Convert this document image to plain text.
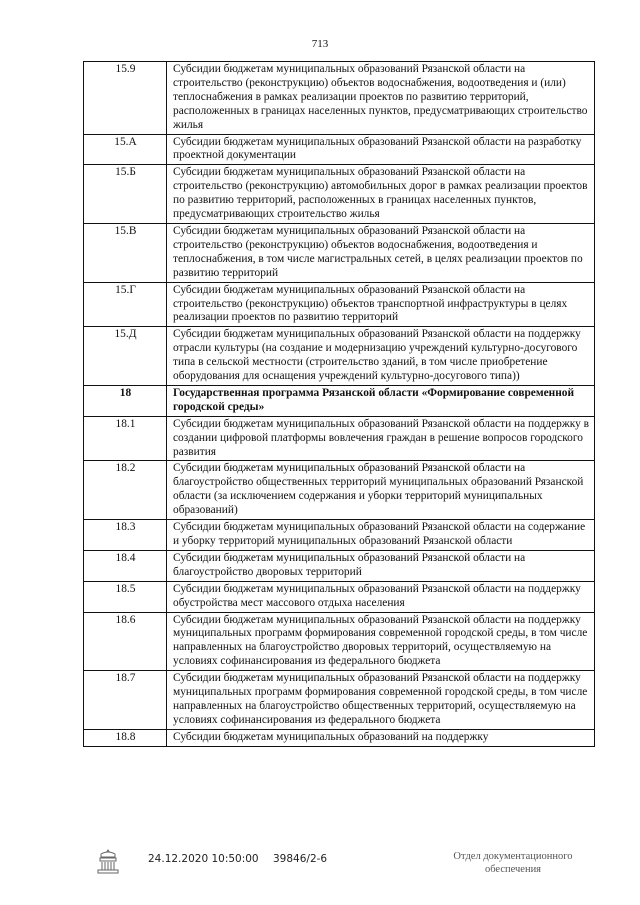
713
15.9	Субсидии бюджетам муниципальных образований Рязанской области на строительство (реконструкцию) объектов водоснабжения, водоотведения и (или) теплоснабжения в рамках реализации проектов по развитию территорий, расположенных в границах населенных пунктов, предусматривающих строительство жилья
15.А	Субсидии бюджетам муниципальных образований Рязанской области на разработку проектной документации
15.Б	Субсидии бюджетам муниципальных образований Рязанской области на строительство (реконструкцию) автомобильных дорог в рамках реализации проектов по развитию территорий, расположенных в границах населенных пунктов, предусматривающих строительство жилья
15.В	Субсидии бюджетам муниципальных образований Рязанской области на строительство (реконструкцию) объектов водоснабжения, водоотведения и теплоснабжения, в том числе магистральных сетей, в целях реализации проектов по развитию территорий
15.Г	Субсидии бюджетам муниципальных образований Рязанской области на строительство (реконструкцию) объектов транспортной инфраструктуры в целях реализации проектов по развитию территорий
15.Д	Субсидии бюджетам муниципальных образований Рязанской области на поддержку отрасли культуры (на создание и модернизацию учреждений культурно-досугового типа в сельской местности (строительство зданий, в том числе приобретение оборудования для оснащения учреждений культурно-досугового типа))
18	Государственная программа Рязанской области «Формирование современной городской среды»
18.1	Субсидии бюджетам муниципальных образований Рязанской области на поддержку в создании цифровой платформы вовлечения граждан в решение вопросов городского развития
18.2	Субсидии бюджетам муниципальных образований Рязанской области на благоустройство общественных территорий муниципальных образований Рязанской области (за исключением содержания и уборки территорий муниципальных образований)
18.3	Субсидии бюджетам муниципальных образований Рязанской области на содержание и уборку территорий муниципальных образований Рязанской области
18.4	Субсидии бюджетам муниципальных образований Рязанской области на благоустройство дворовых территорий
18.5	Субсидии бюджетам муниципальных образований Рязанской области на поддержку обустройства мест массового отдыха населения
18.6	Субсидии бюджетам муниципальных образований Рязанской области на поддержку муниципальных программ формирования современной городской среды, в том числе направленных на благоустройство дворовых территорий, осуществляемую на условиях софинансирования из федерального бюджета
18.7	Субсидии бюджетам муниципальных образований Рязанской области на поддержку муниципальных программ формирования современной городской среды, в том числе направленных на благоустройство общественных территорий, осуществляемую на условиях софинансирования из федерального бюджета
18.8	Субсидии бюджетам муниципальных образований на поддержку
24.12.2020 10:50:00 39846/2-6	Отдел документационного
обеспечения
